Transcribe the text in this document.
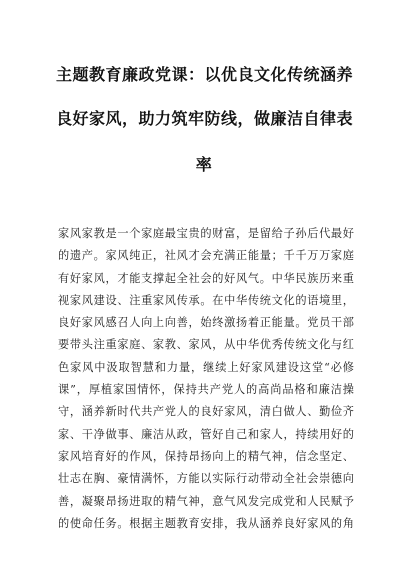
主题教育廉政党课：以优良文化传统涵养
良好家风，助力筑牢防线，做廉洁自律表
率
家风家教是一个家庭最宝贵的财富，是留给子孙后代最好
的遗产。家风纯正，社风才会充满正能量；千千万万家庭
有好家风，才能支撑起全社会的好风气。中华民族历来重
视家风建设、注重家风传承。在中华传统文化的语境里，
良好家风感召人向上向善，始终激扬着正能量。党员干部
要带头注重家庭、家教、家风，从中华优秀传统文化与红
色家风中汲取智慧和力量，继续上好家风建设这堂“必修
课”，厚植家国情怀，保持共产党人的高尚品格和廉洁操
守，涵养新时代共产党人的良好家风，清白做人、勤俭齐
家、干净做事、廉洁从政，管好自己和家人，持续用好的
家风培育好的作风，保持昂扬向上的精气神，信念坚定、
壮志在胸、豪情满怀，方能以实际行动带动全社会崇德向
善，凝聚昂扬进取的精气神，意气风发完成党和人民赋予
的使命任务。根据主题教育安排，我从涵养良好家风的角
